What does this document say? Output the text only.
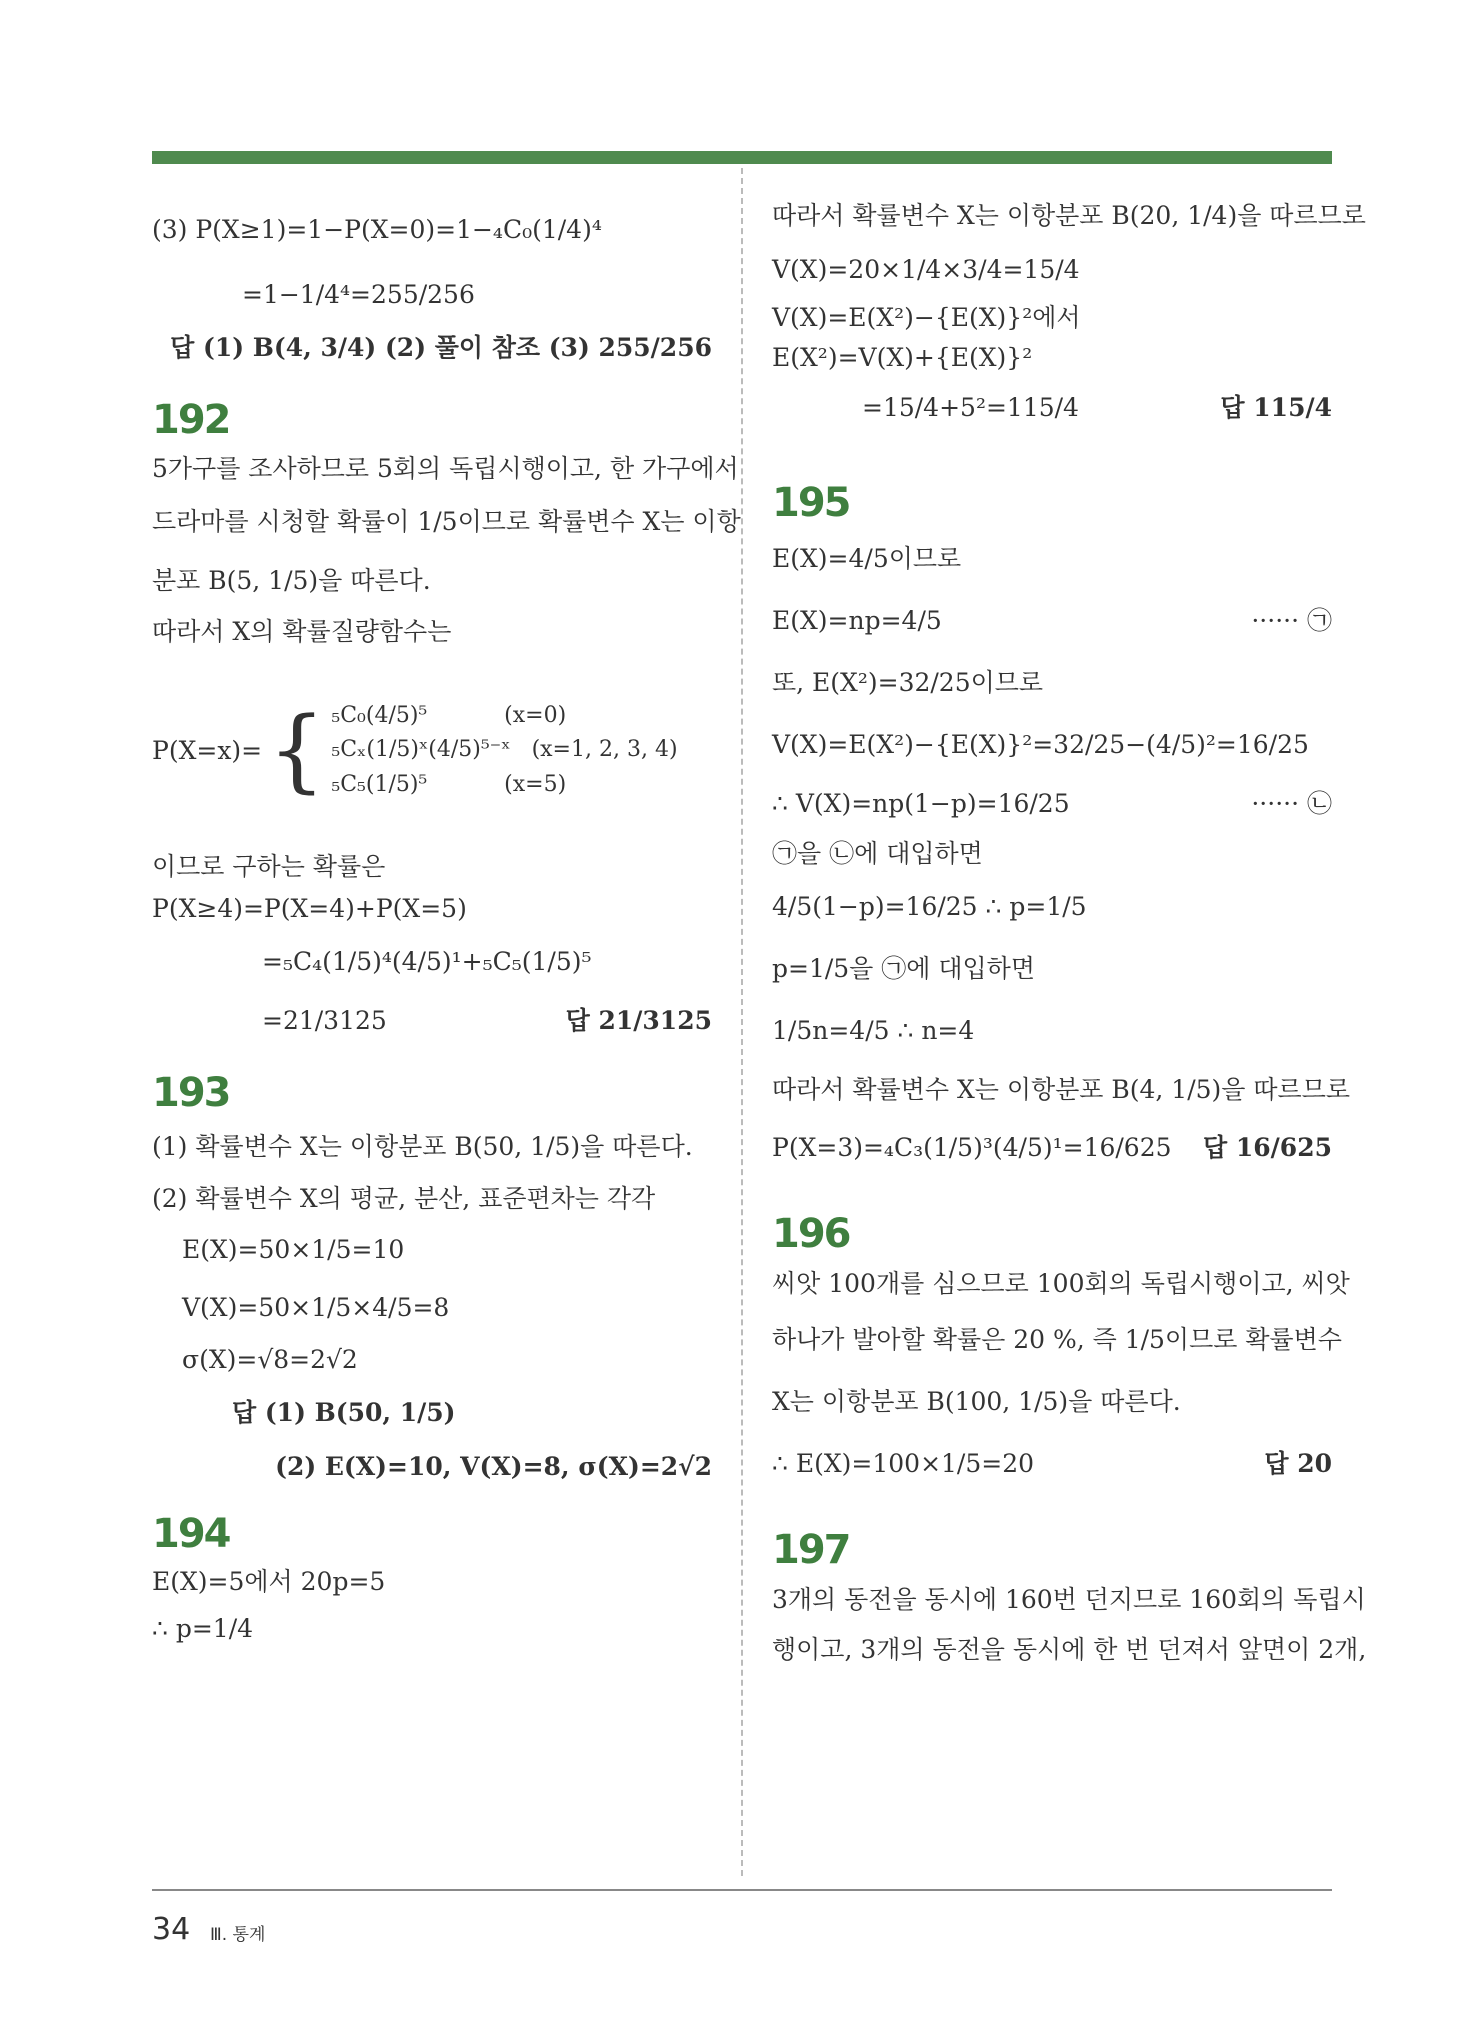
(3) P(X≥1)=1−P(X=0)=1−₄C₀(1/4)⁴
=1−1/4⁴=255/256
답 (1) B(4, 3/4) (2) 풀이 참조 (3) 255/256
192
5가구를 조사하므로 5회의 독립시행이고, 한 가구에서
드라마를 시청할 확률이 1/5이므로 확률변수 X는 이항
분포 B(5, 1/5)을 따른다.
따라서 X의 확률질량함수는
P(X=x)= { ₅C₀(4/5)⁵           (x=0)
₅Cₓ(1/5)ˣ(4/5)⁵⁻ˣ   (x=1, 2, 3, 4)
₅C₅(1/5)⁵           (x=5)
이므로 구하는 확률은
P(X≥4)=P(X=4)+P(X=5)
=₅C₄(1/5)⁴(4/5)¹+₅C₅(1/5)⁵
=21/3125	답 21/3125
193
(1) 확률변수 X는 이항분포 B(50, 1/5)을 따른다.
(2) 확률변수 X의 평균, 분산, 표준편차는 각각
E(X)=50×1/5=10
V(X)=50×1/5×4/5=8
σ(X)=√8=2√2
답 (1) B(50, 1/5)
(2) E(X)=10, V(X)=8, σ(X)=2√2
194
E(X)=5에서 20p=5
∴ p=1/4
따라서 확률변수 X는 이항분포 B(20, 1/4)을 따르므로
V(X)=20×1/4×3/4=15/4
V(X)=E(X²)−{E(X)}²에서
E(X²)=V(X)+{E(X)}²
=15/4+5²=115/4	답 115/4
195
E(X)=4/5이므로
E(X)=np=4/5	······ ㉠
또, E(X²)=32/25이므로
V(X)=E(X²)−{E(X)}²=32/25−(4/5)²=16/25
∴ V(X)=np(1−p)=16/25	······ ㉡
㉠을 ㉡에 대입하면
4/5(1−p)=16/25 ∴ p=1/5
p=1/5을 ㉠에 대입하면
1/5n=4/5 ∴ n=4
따라서 확률변수 X는 이항분포 B(4, 1/5)을 따르므로
P(X=3)=₄C₃(1/5)³(4/5)¹=16/625 답 16/625
196
씨앗 100개를 심으므로 100회의 독립시행이고, 씨앗
하나가 발아할 확률은 20 %, 즉 1/5이므로 확률변수
X는 이항분포 B(100, 1/5)을 따른다.
∴ E(X)=100×1/5=20	답 20
197
3개의 동전을 동시에 160번 던지므로 160회의 독립시
행이고, 3개의 동전을 동시에 한 번 던져서 앞면이 2개,
34 Ⅲ. 통계
